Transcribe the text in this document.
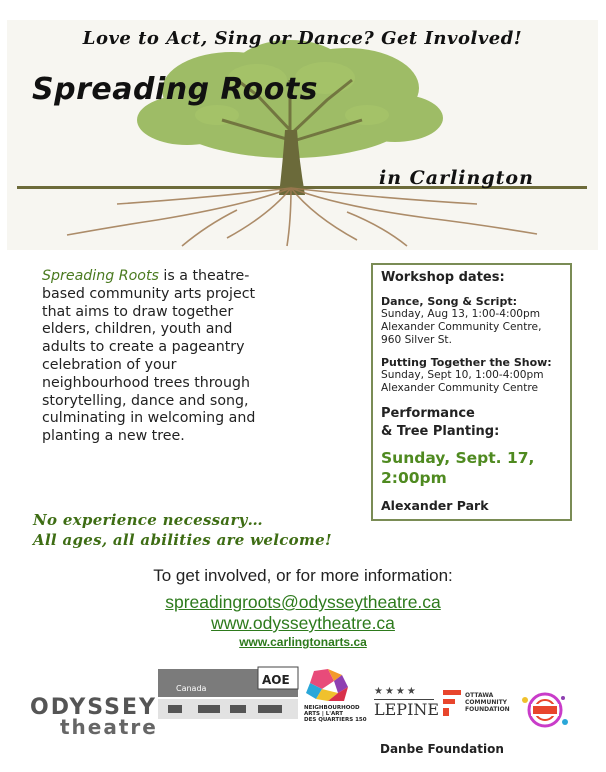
Love to Act, Sing or Dance? Get Involved!
Spreading Roots
in Carlington
Spreading Roots is a theatre-based community arts project that aims to draw together elders, children, youth and adults to create a pageantry celebration of your neighbourhood trees through storytelling, dance and song, culminating in welcoming and planting a new tree.
Workshop dates:
Dance, Song & Script:
Sunday, Aug 13, 1:00-4:00pm
Alexander Community Centre,
960 Silver St.
Putting Together the Show:
Sunday, Sept 10, 1:00-4:00pm
Alexander Community Centre
Performance
& Tree Planting:
Sunday, Sept. 17,
2:00pm
Alexander Park
No experience necessary…
All ages, all abilities are welcome!
To get involved, or for more information:
spreadingroots@odysseytheatre.ca
www.odysseytheatre.ca
www.carlingtonarts.ca
ODYSSEY
theatre
AOE
Canada
NEIGHBOURHOOD
ARTS | L'ART
DES QUARTIERS 150
★★★★
LEPINE
OTTAWA
COMMUNITY
FOUNDATION
Danbe Foundation
